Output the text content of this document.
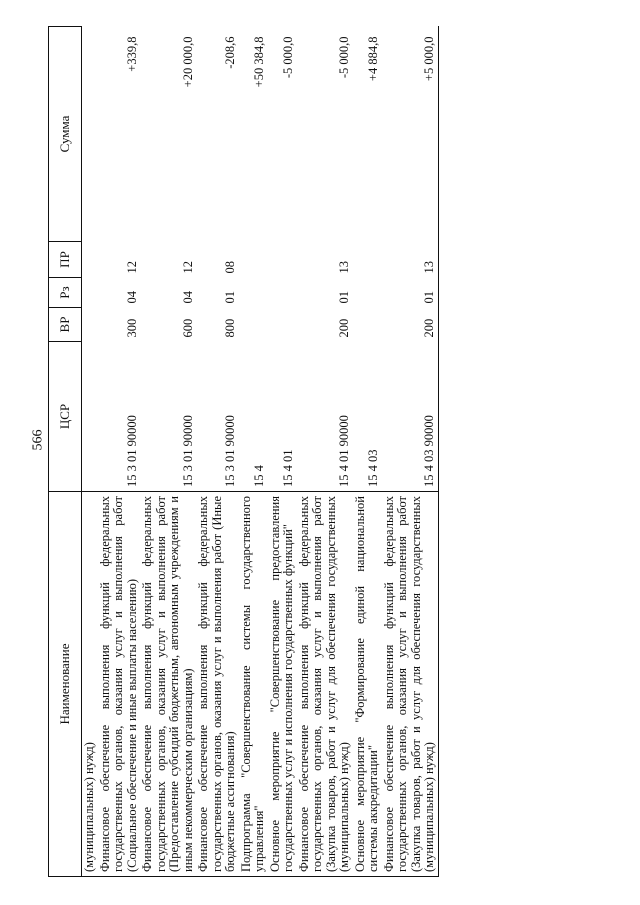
566
Наименование	ЦСР	ВР	Рз	ПР	Сумма

(муниципальных) нужд)					

Финансовое обеспечение выполнения функций федеральных государственных органов, оказания услуг и выполнения работ (Социальное обеспечение и иные выплаты населению)	15 3 01 90000	300	04	12	+339,8

Финансовое обеспечение выполнения функций федеральных государственных органов, оказания услуг и выполнения работ (Предоставление субсидий бюджетным, автономным учреждениям и иным некоммерческим организациям)	15 3 01 90000	600	04	12	+20 000,0

Финансовое обеспечение выполнения функций федеральных государственных органов, оказания услуг и выполнения работ (Иные бюджетные ассигнования)	15 3 01 90000	800	01	08	-208,6

Подпрограмма "Совершенствование системы государственного управления"	15 4				+50 384,8

Основное мероприятие "Совершенствование предоставления государственных услуг и исполнения государственных функций"	15 4 01				-5 000,0

Финансовое обеспечение выполнения функций федеральных государственных органов, оказания услуг и выполнения работ (Закупка товаров, работ и услуг для обеспечения государственных (муниципальных) нужд)	15 4 01 90000	200	01	13	-5 000,0

Основное мероприятие "Формирование единой национальной системы аккредитации"	15 4 03				+4 884,8

Финансовое обеспечение выполнения функций федеральных государственных органов, оказания услуг и выполнения работ (Закупка товаров, работ и услуг для обеспечения государственных (муниципальных) нужд)	15 4 03 90000	200	01	13	+5 000,0
